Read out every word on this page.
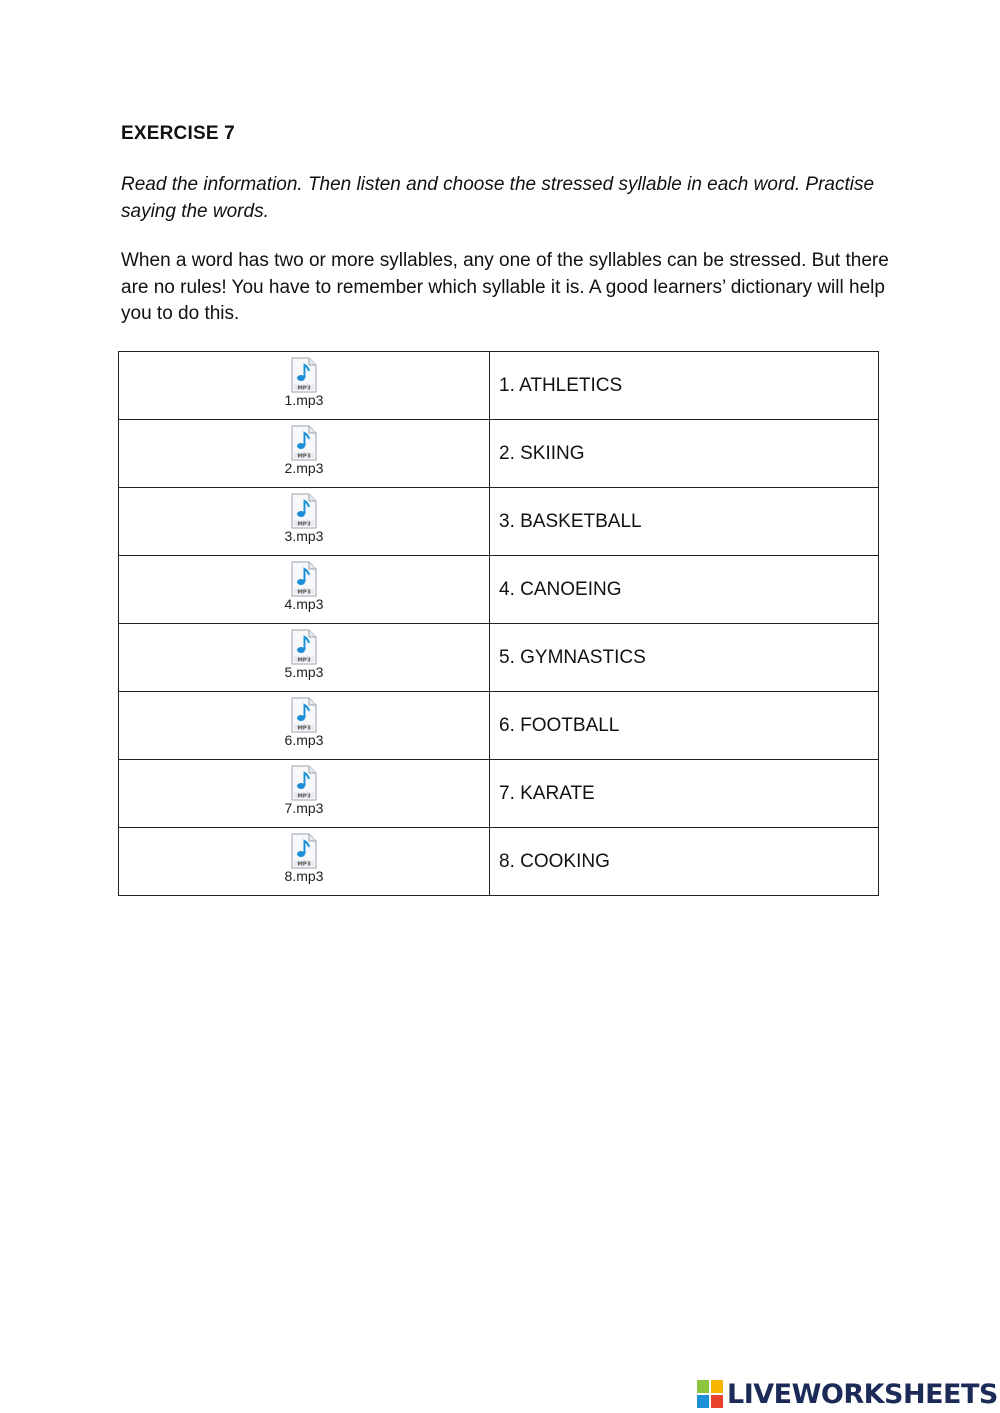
EXERCISE 7
Read the information. Then listen and choose the stressed syllable in each word. Practise saying the words.
When a word has two or more syllables, any one of the syllables can be stressed. But there are no rules! You have to remember which syllable it is. A good learners’ dictionary will help you to do this.
MP3
1.mp3	1. ATHLETICS

MP3
2.mp3	2. SKIING

MP3
3.mp3	3. BASKETBALL

MP3
4.mp3	4. CANOEING

MP3
5.mp3	5. GYMNASTICS

MP3
6.mp3	6. FOOTBALL

MP3
7.mp3	7. KARATE

MP3
8.mp3	8. COOKING
LIVEWORKSHEETS
